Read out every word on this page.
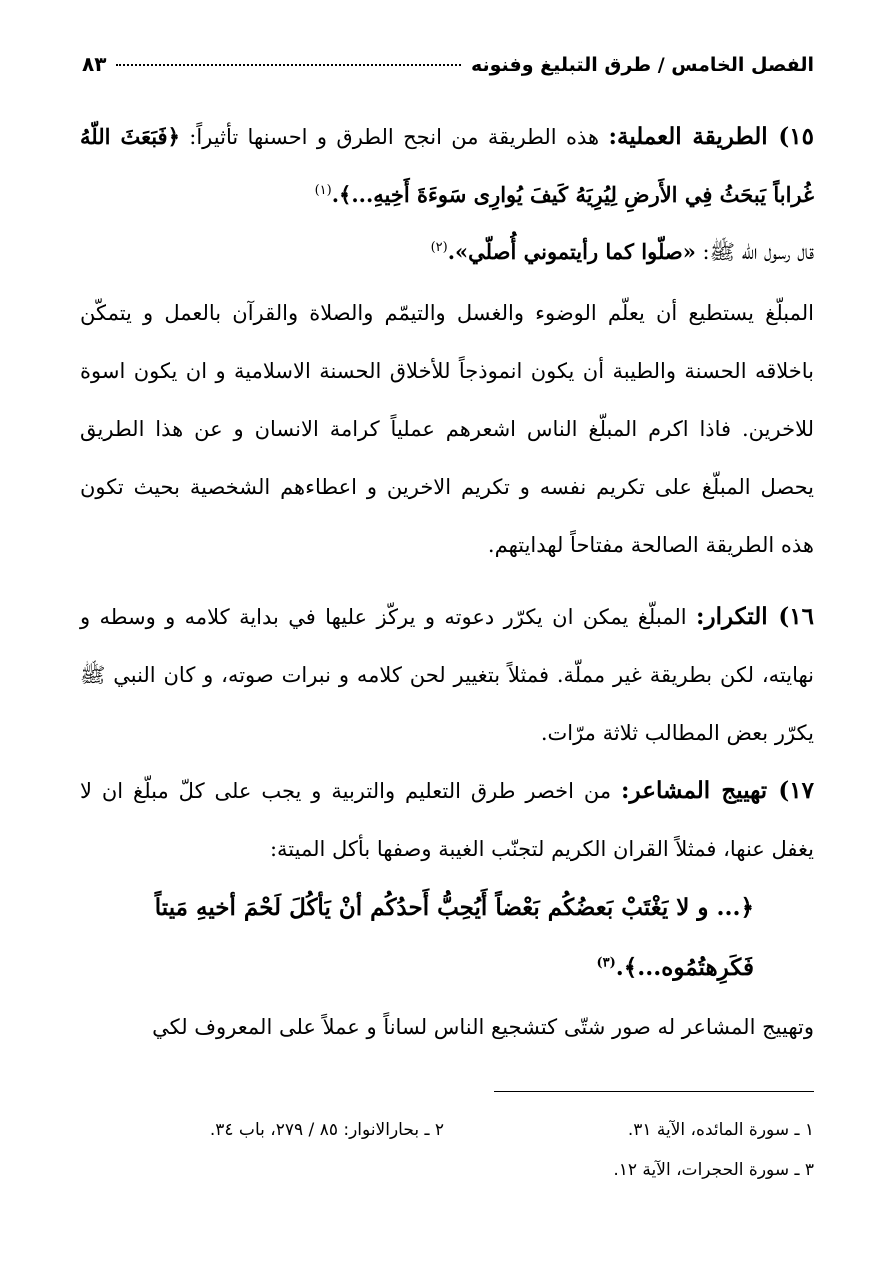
الفصل الخامس / طرق التبليغ وفنونه
٨٣

١٥) الطريقة العملية: هذه الطريقة من انجح الطرق و احسنها تأثيراً: ﴿فَبَعَثَ اللّهُ غُراباً يَبحَثُ فِي الأَرضِ لِيُرِيَهُ كَيفَ يُوارِى سَوءَةَ أَخِيهِ...﴾.$^{(١)}$

قال رسول الله ﷺ: «صلّوا كما رأيتموني أُصلّي».$^{(٢)}$

المبلّغ يستطيع أن يعلّم الوضوء والغسل والتيمّم والصلاة والقرآن بالعمل و يتمكّن باخلاقه الحسنة والطيبة أن يكون انموذجاً للأخلاق الحسنة الاسلامية و ان يكون اسوة للاخرين. فاذا اكرم المبلّغ الناس اشعرهم عملياً كرامة الانسان و عن هذا الطريق يحصل المبلّغ على تكريم نفسه و تكريم الاخرين و اعطاءهم الشخصية بحيث تكون هذه الطريقة الصالحة مفتاحاً لهدايتهم.

١٦) التكرار: المبلّغ يمكن ان يكرّر دعوته و يركّز عليها في بداية كلامه و وسطه و نهايته، لكن بطريقة غير مملّة. فمثلاً بتغيير لحن كلامه و نبرات صوته، و كان النبي ﷺ يكرّر بعض المطالب ثلاثة مرّات.

١٧) تهييج المشاعر: من اخصر طرق التعليم والتربية و يجب على كلّ مبلّغ ان لا يغفل عنها، فمثلاً القران الكريم لتجنّب الغيبة وصفها بأكل الميتة:

﴿... و لا يَغْتَبْ بَعضُكُم بَعْضاً أَيُحِبُّ أَحدُكُم أنْ يَأكُلَ لَحْمَ أخيهِ مَيتاً

فَكَرِهتُمُوه...﴾.$^{(٣)}$

وتهييج المشاعر له صور شتّى كتشجيع الناس لساناً و عملاً على المعروف لكي

١ ـ سورة المائده، الآية ٣١.
٢ ـ بحارالانوار: ٨٥ / ٢٧٩، باب ٣٤.
٣ ـ سورة الحجرات، الآية ١٢.
